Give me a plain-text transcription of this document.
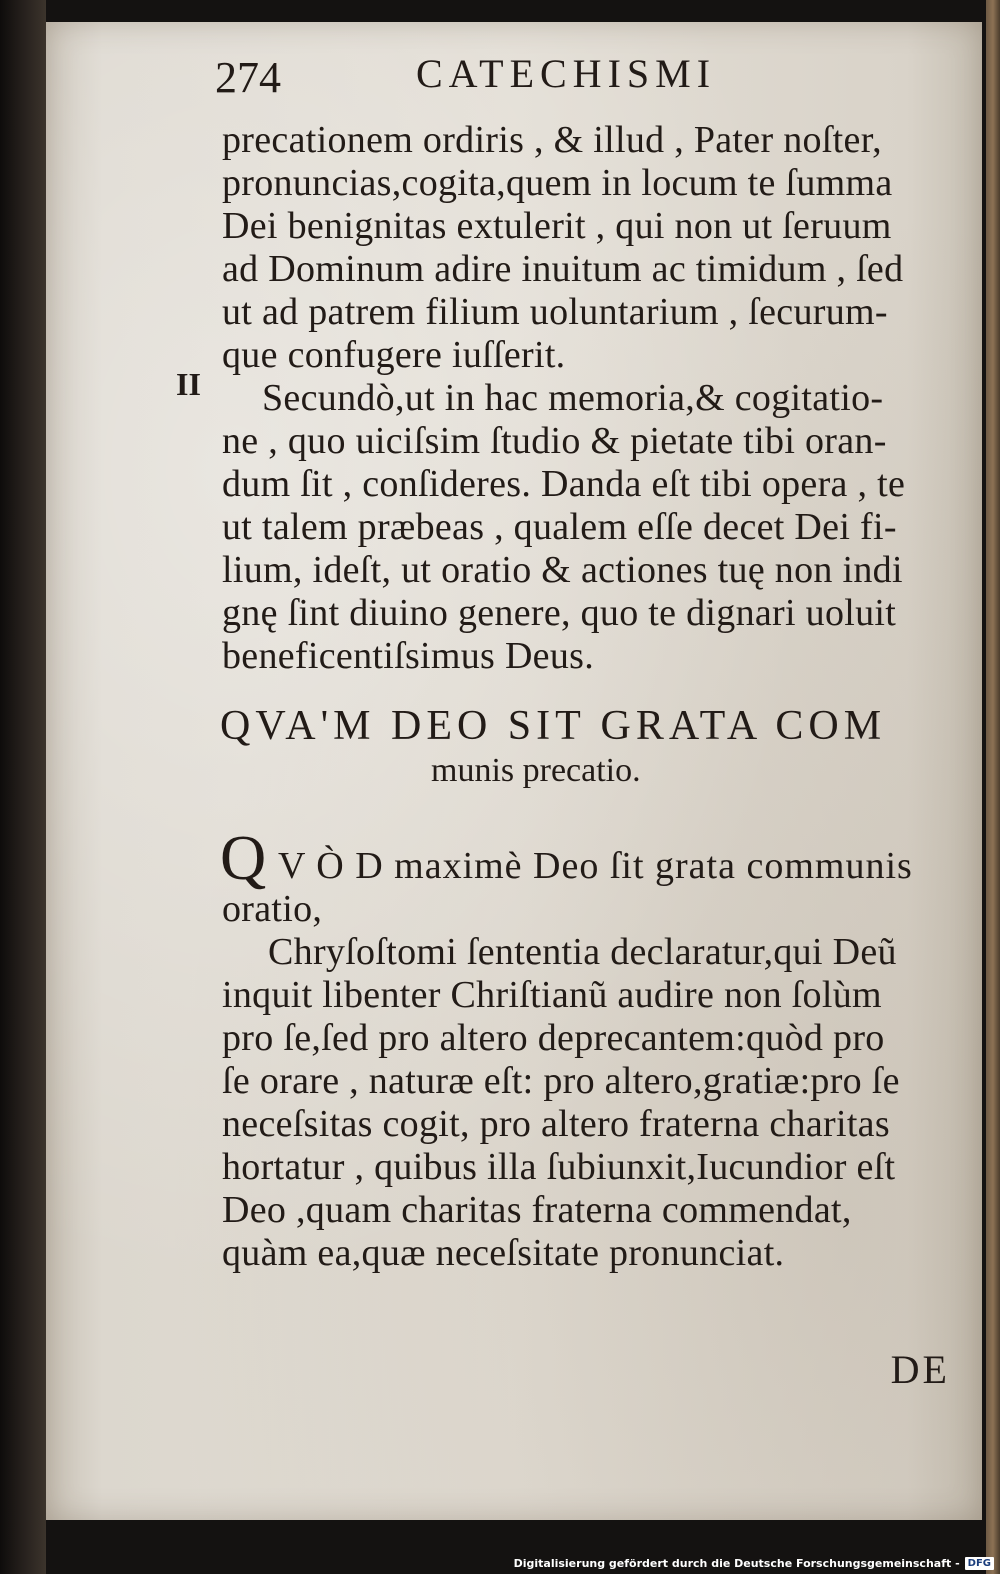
274	CATECHISMI
precationem ordiris , & illud , Pater noſter,
pronuncias,cogita,quem in locum te ſumma
Dei benignitas extulerit , qui non ut ſeruum
ad Dominum adire inuitum ac timidum , ſed
ut ad patrem filium uoluntarium , ſecurum-
que confugere iuſſerit.
II Secundò,ut in hac memoria,& cogitatio-
ne , quo uiciſsim ſtudio & pietate tibi oran-
dum ſit , conſideres. Danda eſt tibi opera , te
ut talem præbeas , qualem eſſe decet Dei fi-
lium, ideſt, ut oratio & actiones tuę non indi
gnę ſint diuino genere, quo te dignari uoluit
beneficentiſsimus Deus.
QVA'M DEO SIT GRATA COM
munis precatio.
Q V Ò D maximè Deo ſit grata communis
oratio,
Chryſoſtomi ſententia declaratur,qui Deũ
inquit libenter Chriſtianũ audire non ſolùm
pro ſe,ſed pro altero deprecantem:quòd pro
ſe orare , naturæ eſt: pro altero,gratiæ:pro ſe
neceſsitas cogit, pro altero fraterna charitas
hortatur , quibus illa ſubiunxit,Iucundior eſt
Deo ,quam charitas fraterna commendat,
quàm ea,quæ neceſsitate pronunciat.
DE
Digitalisierung gefördert durch die Deutsche Forschungsgemeinschaft - DFG
